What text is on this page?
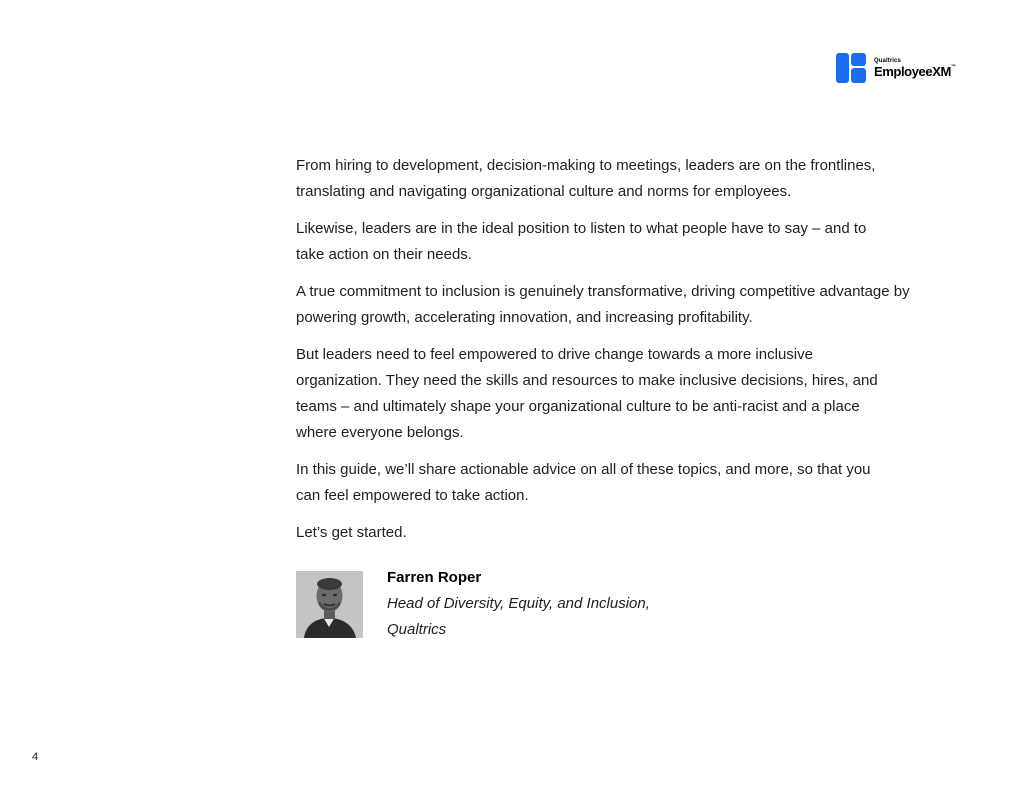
Qualtrics
EmployeeXM™

From hiring to development, decision-making to meetings, leaders are on the frontlines, translating and navigating organizational culture and norms for employees.

Likewise, leaders are in the ideal position to listen to what people have to say – and to take action on their needs.

A true commitment to inclusion is genuinely transformative, driving competitive advantage by powering growth, accelerating innovation, and increasing profitability.

But leaders need to feel empowered to drive change towards a more inclusive organization. They need the skills and resources to make inclusive decisions, hires, and teams – and ultimately shape your organizational culture to be anti-racist and a place where everyone belongs.

In this guide, we’ll share actionable advice on all of these topics, and more, so that you can feel empowered to take action.

Let’s get started.

Farren Roper
Head of Diversity, Equity, and Inclusion,
Qualtrics
4
